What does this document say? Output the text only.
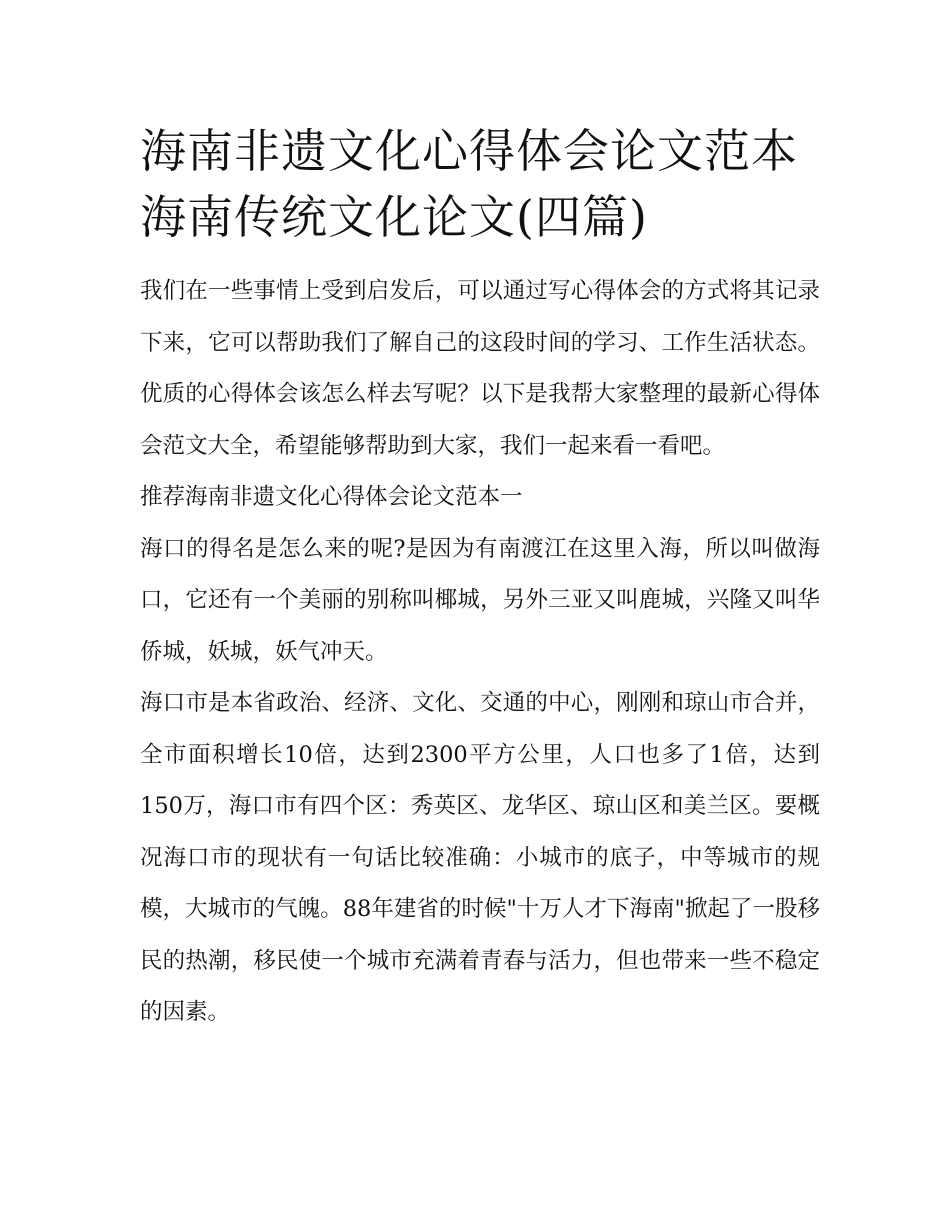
海南非遗文化心得体会论文范本 海南传统文化论文(四篇)

我们在一些事情上受到启发后，可以通过写心得体会的方式将其记录下来，它可以帮助我们了解自己的这段时间的学习、工作生活状态。优质的心得体会该怎么样去写呢？以下是我帮大家整理的最新心得体会范文大全，希望能够帮助到大家，我们一起来看一看吧。

推荐海南非遗文化心得体会论文范本一

海口的得名是怎么来的呢?是因为有南渡江在这里入海，所以叫做海口，它还有一个美丽的别称叫椰城，另外三亚又叫鹿城，兴隆又叫华侨城，妖城，妖气冲天。

海口市是本省政治、经济、文化、交通的中心，刚刚和琼山市合并，全市面积增长10倍，达到2300平方公里，人口也多了1倍，达到150万，海口市有四个区：秀英区、龙华区、琼山区和美兰区。要概况海口市的现状有一句话比较准确：小城市的底子，中等城市的规模，大城市的气魄。88年建省的时候"十万人才下海南"掀起了一股移民的热潮，移民使一个城市充满着青春与活力，但也带来一些不稳定的因素。
